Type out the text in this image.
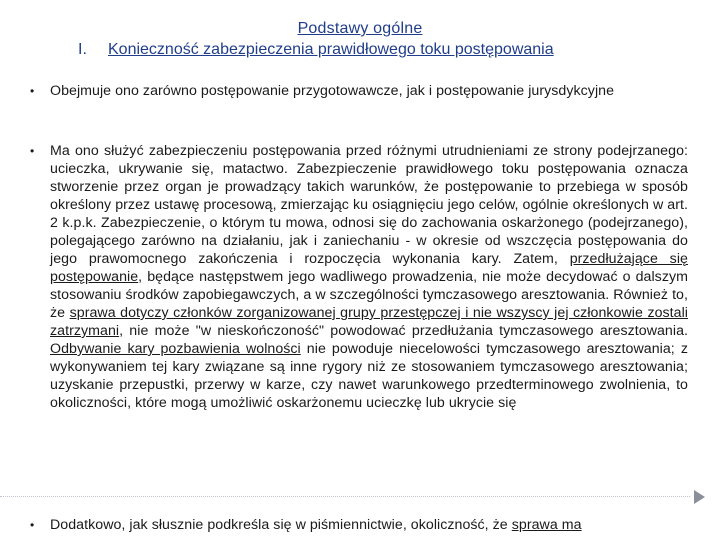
Podstawy ogólne
I. Konieczność zabezpieczenia prawidłowego toku postępowania
• Obejmuje ono zarówno postępowanie przygotowawcze, jak i postępowanie jurysdykcyjne
• Ma ono służyć zabezpieczeniu postępowania przed różnymi utrudnieniami ze strony podejrzanego: ucieczka, ukrywanie się, matactwo. Zabezpieczenie prawidłowego toku postępowania oznacza stworzenie przez organ je prowadzący takich warunków, że postępowanie to przebiega w sposób określony przez ustawę procesową, zmierzając ku osiągnięciu jego celów, ogólnie określonych w art. 2 k.p.k. Zabezpieczenie, o którym tu mowa, odnosi się do zachowania oskarżonego (podejrzanego), polegającego zarówno na działaniu, jak i zaniechaniu - w okresie od wszczęcia postępowania do jego prawomocnego zakończenia i rozpoczęcia wykonania kary. Zatem, przedłużające się postępowanie, będące następstwem jego wadliwego prowadzenia, nie może decydować o dalszym stosowaniu środków zapobiegawczych, a w szczególności tymczasowego aresztowania. Również to, że sprawa dotyczy członków zorganizowanej grupy przestępczej i nie wszyscy jej członkowie zostali zatrzymani, nie może "w nieskończoność" powodować przedłużania tymczasowego aresztowania. Odbywanie kary pozbawienia wolności nie powoduje niecelowości tymczasowego aresztowania; z wykonywaniem tej kary związane są inne rygory niż ze stosowaniem tymczasowego aresztowania; uzyskanie przepustki, przerwy w karze, czy nawet warunkowego przedterminowego zwolnienia, to okoliczności, które mogą umożliwić oskarżonemu ucieczkę lub ukrycie się
• Dodatkowo, jak słusznie podkreśla się w piśmiennictwie, okoliczność, że sprawa ma
